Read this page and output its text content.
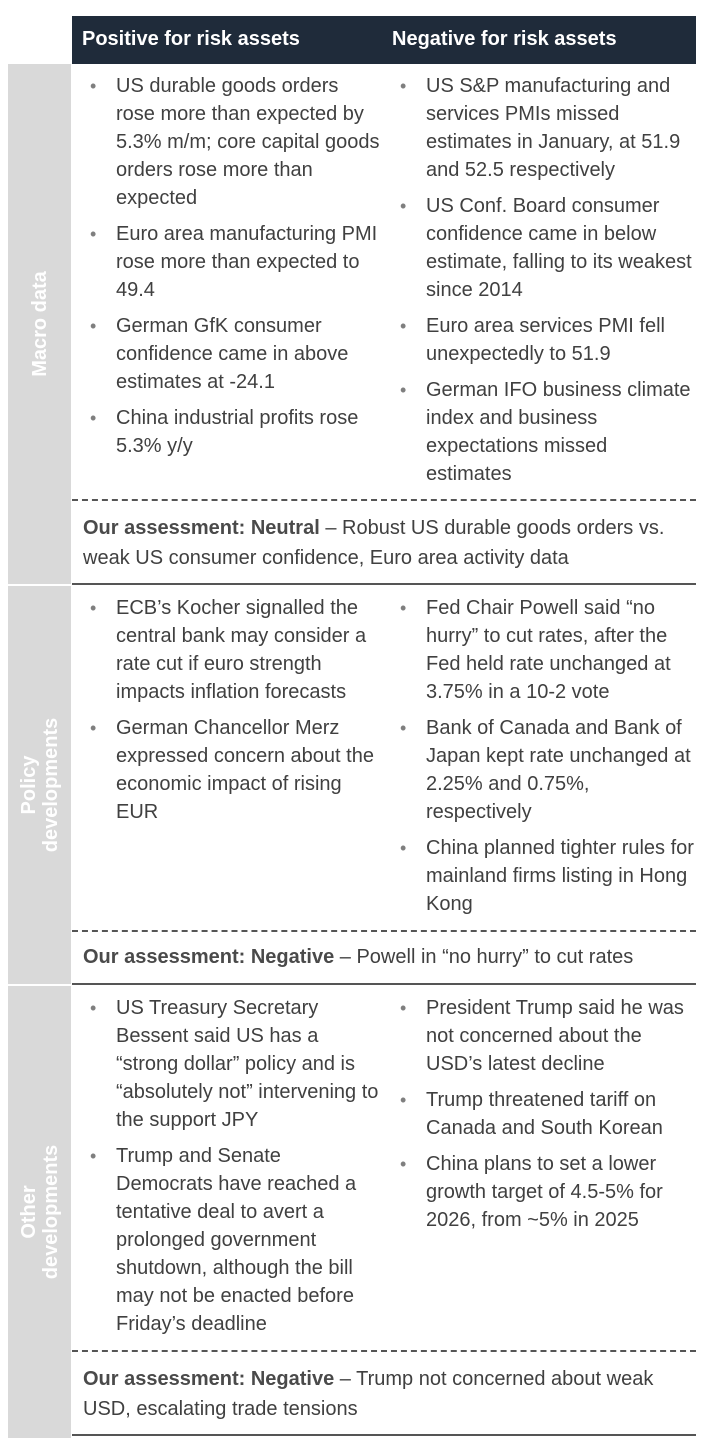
Positive for risk assets	Negative for risk assets
Macro data
• US durable goods orders rose more than expected by 5.3% m/m; core capital goods orders rose more than expected
• Euro area manufacturing PMI rose more than expected to 49.4
• German GfK consumer confidence came in above estimates at -24.1
• China industrial profits rose 5.3% y/y
• US S&P manufacturing and services PMIs missed estimates in January, at 51.9 and 52.5 respectively
• US Conf. Board consumer confidence came in below estimate, falling to its weakest since 2014
• Euro area services PMI fell unexpectedly to 51.9
• German IFO business climate index and business expectations missed estimates
Our assessment: Neutral – Robust US durable goods orders vs. weak US consumer confidence, Euro area activity data
Policy
developments
• ECB’s Kocher signalled the central bank may consider a rate cut if euro strength impacts inflation forecasts
• German Chancellor Merz expressed concern about the economic impact of rising EUR
• Fed Chair Powell said “no hurry” to cut rates, after the Fed held rate unchanged at 3.75% in a 10-2 vote
• Bank of Canada and Bank of Japan kept rate unchanged at 2.25% and 0.75%, respectively
• China planned tighter rules for mainland firms listing in Hong Kong
Our assessment: Negative – Powell in “no hurry” to cut rates
Other
developments
• US Treasury Secretary Bessent said US has a “strong dollar” policy and is “absolutely not” intervening to the support JPY
• Trump and Senate Democrats have reached a tentative deal to avert a prolonged government shutdown, although the bill may not be enacted before Friday’s deadline
• President Trump said he was not concerned about the USD’s latest decline
• Trump threatened tariff on Canada and South Korean
• China plans to set a lower growth target of 4.5-5% for 2026, from ~5% in 2025
Our assessment: Negative – Trump not concerned about weak USD, escalating trade tensions
